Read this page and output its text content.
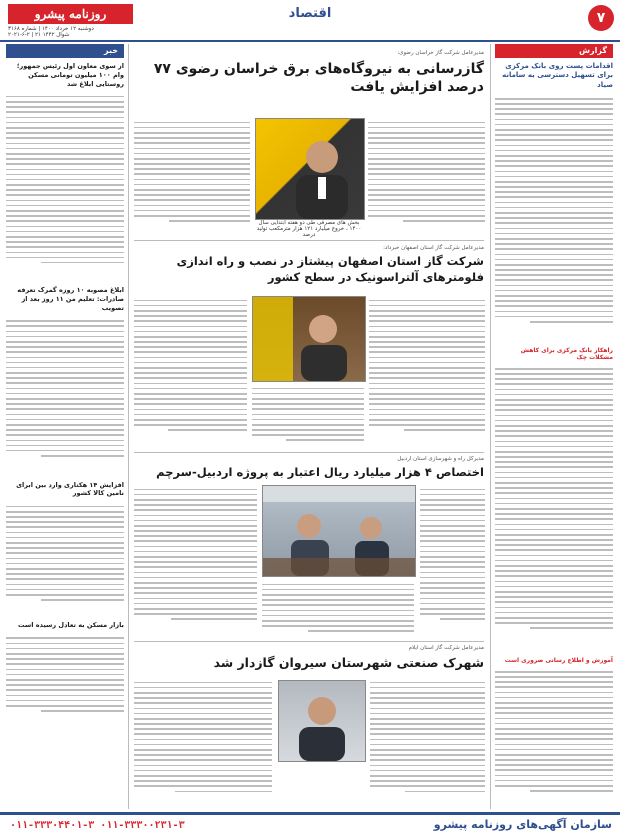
۷
اقتصاد
روزنامه پیشرو
دوشنبه ۱۲ خرداد ۱۴۰۰ | شماره ۳۱۶۸
۲۰۲۱-۶-۲ | ۲۱ شوال ۱۴۴۲
گزارش
اقدامات پست روی بانک مرکزی برای تسهیل دسترسی به سامانه صیاد
راهکار بانک مرکزی برای کاهش مشکلات چک
آموزش و اطلاع رسانی ضروری است
خبر
از سوی معاون اول رئیس جمهور؛ وام ۱۰۰ میلیون تومانی مسکن روستایی ابلاغ شد
ابلاغ مصوبه ۱۰ روزه گمرک تعرفه صادرات: تعلیم من ۱۱ روز بعد از تصویب
افزایش ۱۴ هکتاری وارد بین ابرای نامین کالا کشور
بازار مسکن به تعادل رسیده است
مدیرعامل شرکت گاز خراسان رضوی:
گازرسانی به نیروگاه‌های برق خراسان رضوی ۷۷ درصد افزایش یافت
بخش های مصرفی طی دو هفته ابتدایی سال ۱۴۰۰ ، خروج میلیارد ۱۲۱ هزار مترمکعب تولید درصد
مدیرعامل شرکت گاز استان اصفهان خبرداد:
شرکت گاز استان اصفهان پیشتاز در نصب و راه اندازی فلومترهای آلتراسونیک در سطح کشور
مدیرکل راه و شهرسازی استان اردبیل
اختصاص ۴ هزار میلیارد ریال اعتبار به پروژه اردبیل-سرچم
مدیرعامل شرکت گاز استان ایلام
شهرک صنعتی شهرستان سیروان گازدار شد
سازمان آگهی‌های روزنامه پیشرو
۰۱۱-۳۳۳۰۴۴۰۱-۳ ۰۱۱-۳۳۳۰۰۲۳۱-۳
